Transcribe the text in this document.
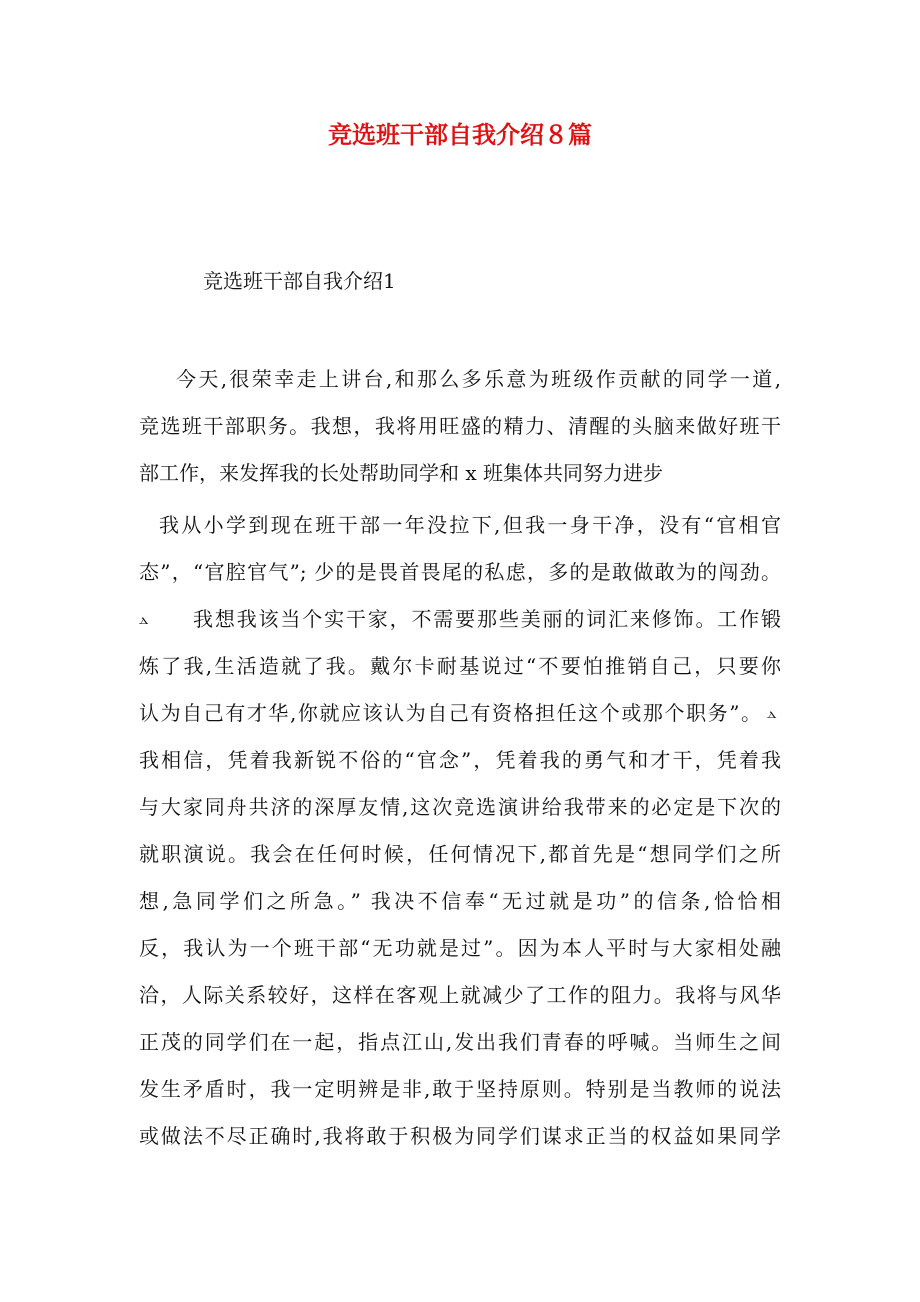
竞选班干部自我介绍８篇
竞选班干部自我介绍1
今天,很荣幸走上讲台,和那么多乐意为班级作贡献的同学一道,
竞选班干部职务。我想，我将用旺盛的精力、清醒的头脑来做好班干
部工作，来发挥我的长处帮助同学和 x 班集体共同努力进步
我从小学到现在班干部一年没拉下,但我一身干净，没有“官相官
态”，“官腔官气”; 少的是畏首畏尾的私虑，多的是敢做敢为的闯劲。
ⲇ 我想我该当个实干家，不需要那些美丽的词汇来修饰。工作锻
炼了我,生活造就了我。戴尔卡耐基说过“不要怕推销自己，只要你
认为自己有才华,你就应该认为自己有资格担任这个或那个职务”。 ⲇ
我相信，凭着我新锐不俗的“官念”，凭着我的勇气和才干，凭着我
与大家同舟共济的深厚友情,这次竞选演讲给我带来的必定是下次的
就职演说。我会在任何时候，任何情况下,都首先是“想同学们之所
想,急同学们之所急。” 我决不信奉“无过就是功”的信条,恰恰相
反，我认为一个班干部“无功就是过”。因为本人平时与大家相处融
洽，人际关系较好，这样在客观上就减少了工作的阻力。我将与风华
正茂的同学们在一起，指点江山,发出我们青春的呼喊。当师生之间
发生矛盾时，我一定明辨是非,敢于坚持原则。特别是当教师的说法
或做法不尽正确时,我将敢于积极为同学们谋求正当的权益如果同学
